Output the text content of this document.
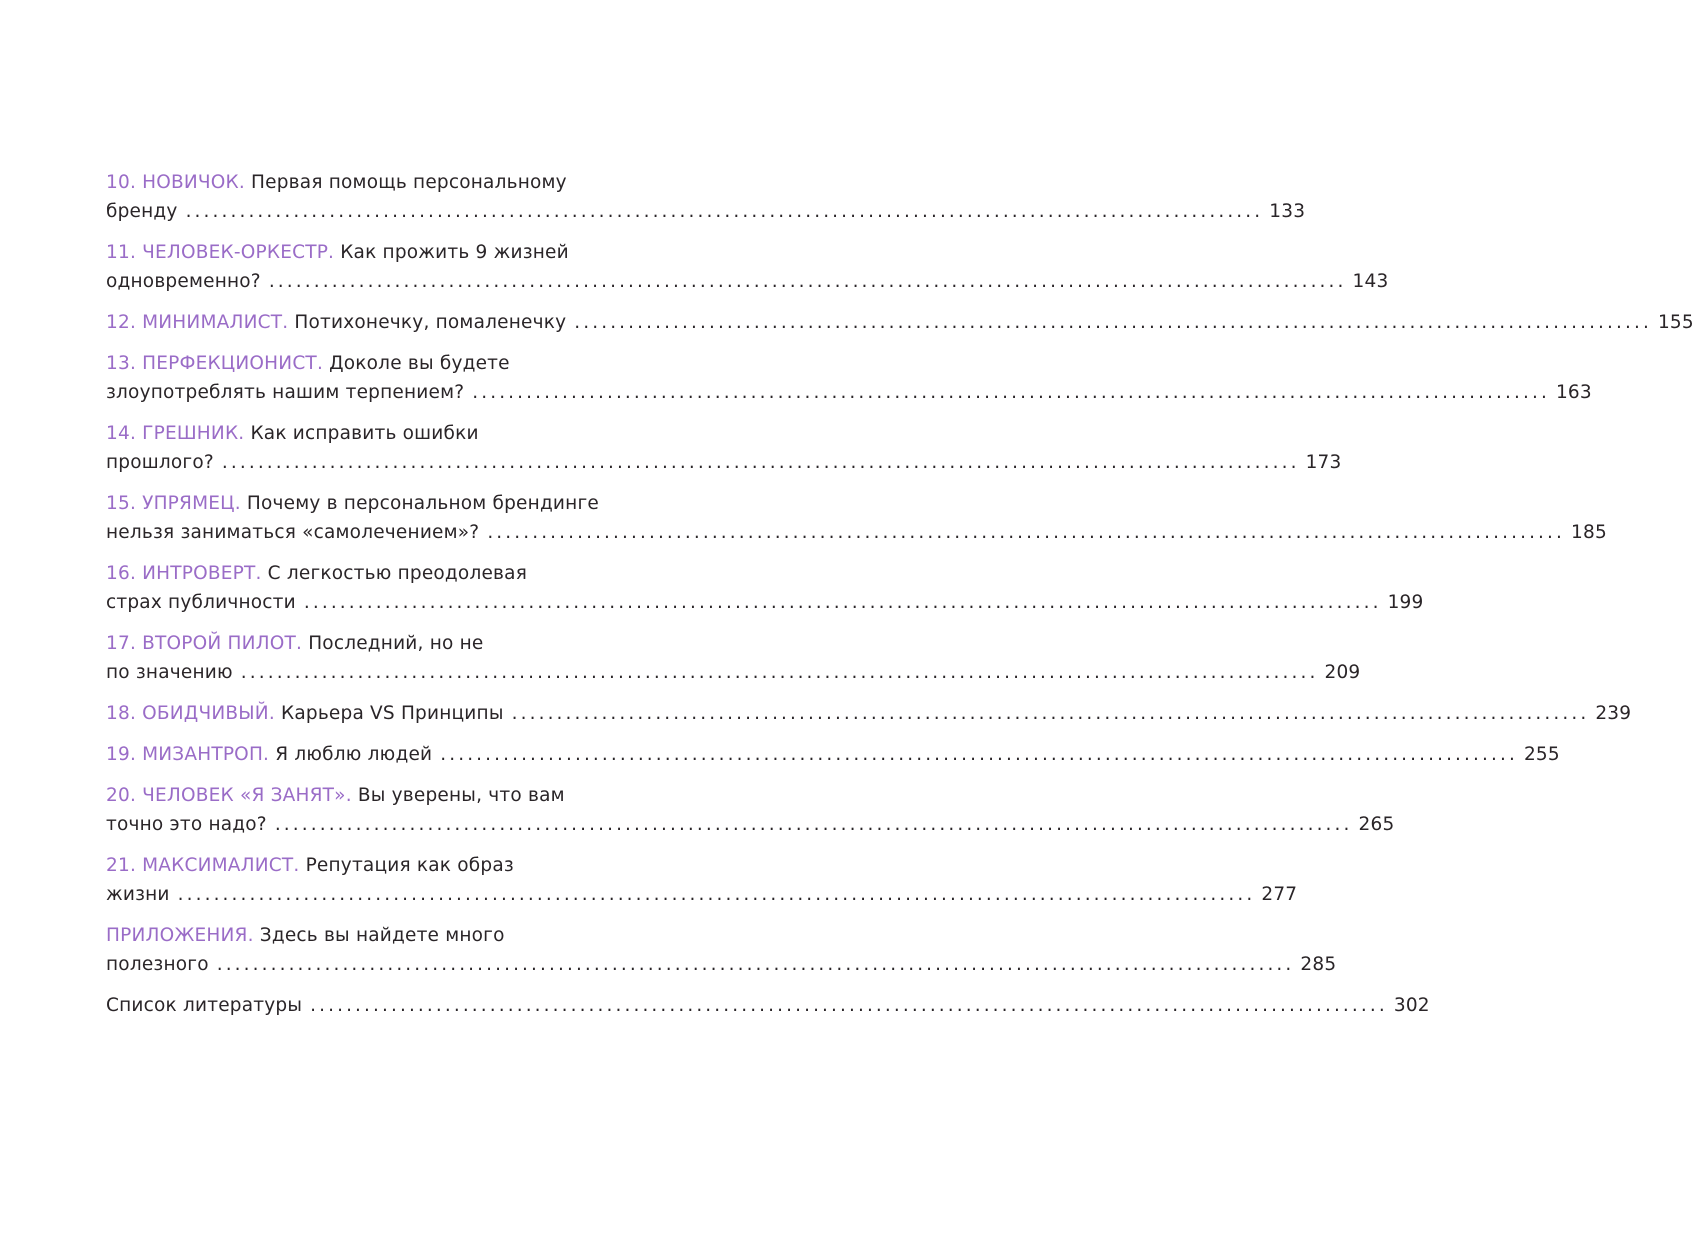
10. НОВИЧОК. Первая помощь персональному
бренду ........................................................................................................................ 133
11. ЧЕЛОВЕК-ОРКЕСТР. Как прожить 9 жизней
одновременно? ........................................................................................................................ 143
12. МИНИМАЛИСТ. Потихонечку, помаленечку ........................................................................................................................ 155
13. ПЕРФЕКЦИОНИСТ. Доколе вы будете
злоупотреблять нашим терпением? ........................................................................................................................ 163
14. ГРЕШНИК. Как исправить ошибки
прошлого? ........................................................................................................................ 173
15. УПРЯМЕЦ. Почему в персональном брендинге
нельзя заниматься «самолечением»? ........................................................................................................................ 185
16. ИНТРОВЕРТ. С легкостью преодолевая
страх публичности ........................................................................................................................ 199
17. ВТОРОЙ ПИЛОТ. Последний, но не
по значению ........................................................................................................................ 209
18. ОБИДЧИВЫЙ. Карьера VS Принципы ........................................................................................................................ 239
19. МИЗАНТРОП. Я люблю людей ........................................................................................................................ 255
20. ЧЕЛОВЕК «Я ЗАНЯТ». Вы уверены, что вам
точно это надо? ........................................................................................................................ 265
21. МАКСИМАЛИСТ. Репутация как образ
жизни ........................................................................................................................ 277
ПРИЛОЖЕНИЯ. Здесь вы найдете много
полезного ........................................................................................................................ 285
Список литературы ........................................................................................................................ 302
